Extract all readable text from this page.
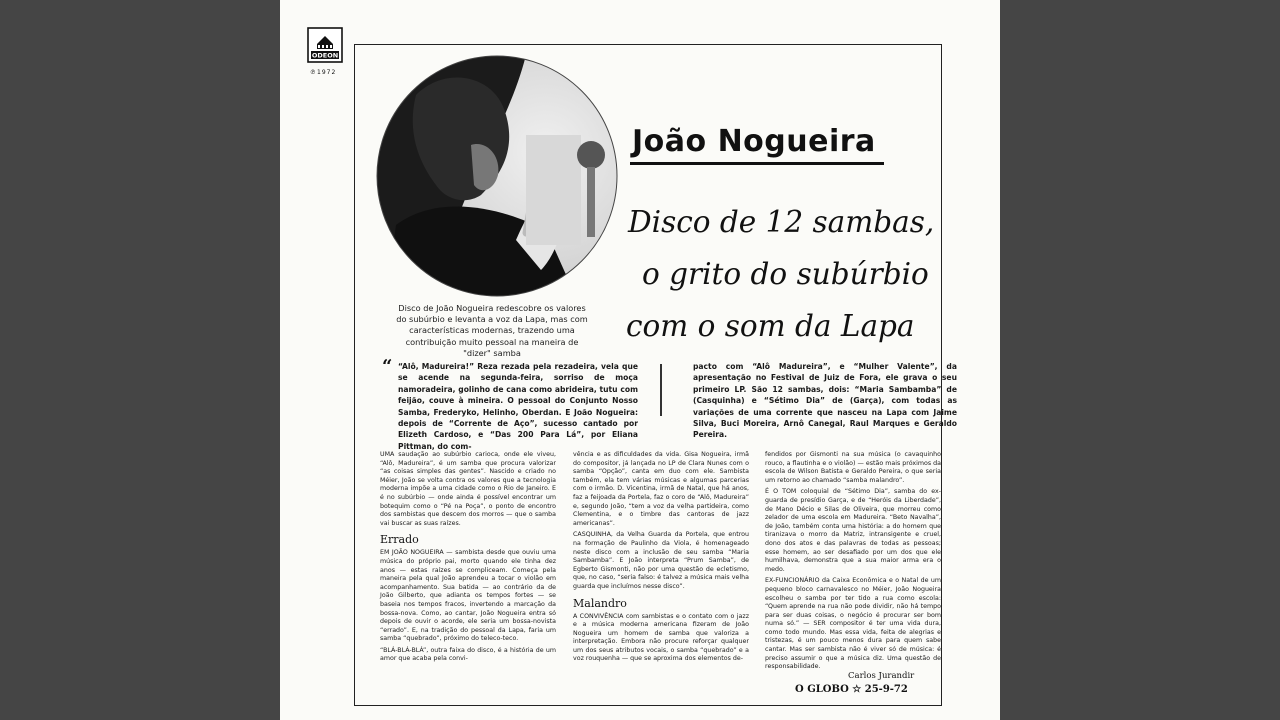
ODEON
℗1972
Disco de João Nogueira redescobre os valores do subúrbio e levanta a voz da Lapa, mas com características modernas, trazendo uma contribuição muito pessoal na maneira de "dizer" samba
João Nogueira
Disco de 12 sambas,
o grito do subúrbio
com o som da Lapa
“ “Alô, Madureira!” Reza rezada pela rezadeira, vela que se acende na segunda-feira, sorriso de moça namoradeira, golinho de cana como abrideira, tutu com feijão, couve à mineira. O pessoal do Conjunto Nosso Samba, Frederyko, Helinho, Oberdan. E João Nogueira: depois de “Corrente de Aço”, sucesso cantado por Elizeth Cardoso, e “Das 200 Para Lá”, por Eliana Pittman, do com-
pacto com “Alô Madureira”, e “Mulher Valente”, da apresentação no Festival de Juiz de Fora, ele grava o seu primeiro LP. São 12 sambas, dois: “Maria Sambamba” de (Casquinha) e “Sétimo Dia” de (Garça), com todas as variações de uma corrente que nasceu na Lapa com Jaime Silva, Buci Moreira, Arnô Canegal, Raul Marques e Geraldo Pereira.

UMA saudação ao subúrbio carioca, onde ele viveu, “Alô, Madureira”, é um samba que procura valorizar “as coisas simples das gentes”. Nascido e criado no Méier, João se volta contra os valores que a tecnologia moderna impõe a uma cidade como o Rio de Janeiro. E é no subúrbio — onde ainda é possível encontrar um botequim como o “Pé na Poça”, o ponto de encontro dos sambistas que descem dos morros — que o samba vai buscar as suas raízes.

Errado

EM JOÃO NOGUEIRA — sambista desde que ouviu uma música do próprio pai, morto quando ele tinha dez anos — estas raízes se compliceam. Começa pela maneira pela qual João aprendeu a tocar o violão em acompanhamento. Sua batida — ao contrário da de João Gilberto, que adianta os tempos fortes — se baseia nos tempos fracos, invertendo a marcação da bossa-nova. Como, ao cantar, João Nogueira entra só depois de ouvir o acorde, ele seria um bossa-novista “errado”. E, na tradição do pessoal da Lapa, faria um samba “quebrado”, próximo do teleco-teco.

“BLÁ-BLÁ-BLÁ”, outra faixa do disco, é a história de um amor que acaba pela convi-

vência e as dificuldades da vida. Gisa Nogueira, irmã do compositor, já lançada no LP de Clara Nunes com o samba “Opção”, canta em duo com ele. Sambista também, ela tem várias músicas e algumas parcerias com o irmão. D. Vicentina, irmã de Natal, que há anos, faz a feijoada da Portela, faz o coro de “Alô, Madureira” e, segundo João, “tem a voz da velha partideira, como Clementina, e o timbre das cantoras de jazz americanas”.

CASQUINHA, da Velha Guarda da Portela, que entrou na formação de Paulinho da Viola, é homenageado neste disco com a inclusão de seu samba “Maria Sambamba”. E João interpreta “Prum Samba”, de Egberto Gismonti, não por uma questão de ecletismo, que, no caso, “seria falso: é talvez a música mais velha guarda que incluímos nesse disco”.

Malandro

A CONVIVÊNCIA com sambistas e o contato com o jazz e a música moderna americana fizeram de João Nogueira um homem de samba que valoriza a interpretação. Embora não procure reforçar qualquer um dos seus atributos vocais, o samba “quebrado” e a voz rouquenha — que se aproxima dos elementos de-

fendidos por Gismonti na sua música (o cavaquinho rouco, a flautinha e o violão) — estão mais próximos da escola de Wilson Batista e Geraldo Pereira, o que seria um retorno ao chamado “samba malandro”.

É O TOM coloquial de “Sétimo Dia”, samba do ex-guarda de presídio Garça, e de “Heróis da Liberdade”, de Mano Décio e Silas de Oliveira, que morreu como zelador de uma escola em Madureira. “Beto Navalha”, de João, também conta uma história: a do homem que tiranizava o morro da Matriz, intransigente e cruel, dono dos atos e das palavras de todas as pessoas; esse homem, ao ser desafiado por um dos que ele humilhava, demonstra que a sua maior arma era o medo.

EX-FUNCIONÁRIO da Caixa Econômica e o Natal de um pequeno bloco carnavalesco no Méier, João Nogueira escolheu o samba por ter tido a rua como escola: “Quem aprende na rua não pode dividir, não há tempo para ser duas coisas, o negócio é procurar ser bom numa só.” — SER compositor é ter uma vida dura, como todo mundo. Mas essa vida, feita de alegrias e tristezas, é um pouco menos dura para quem sabe cantar. Mas ser sambista não é viver só de música: é preciso assumir o que a música diz. Uma questão de responsabilidade.

Carlos Jurandir
O GLOBO ☆ 25-9-72
